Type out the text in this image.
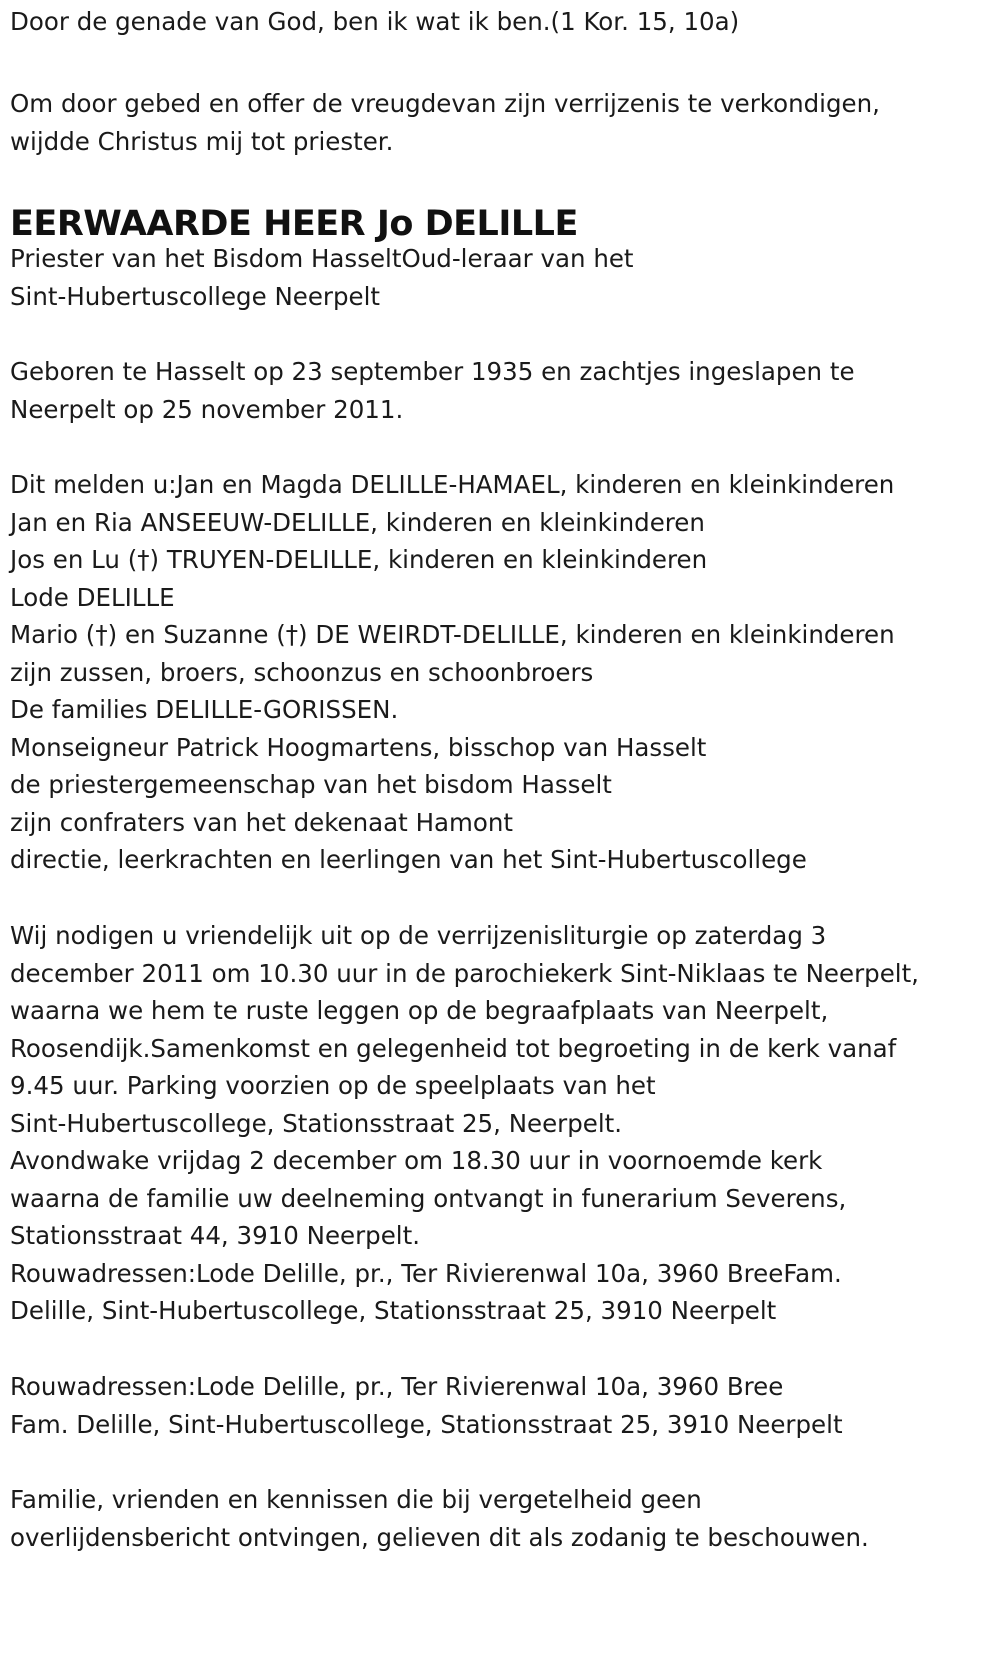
Door de genade van God, ben ik wat ik ben.(1 Kor. 15, 10a)
Om door gebed en offer de vreugdevan zijn verrijzenis te verkondigen,
wijdde Christus mij tot priester.
EERWAARDE HEER Jo DELILLE
Priester van het Bisdom HasseltOud-leraar van het
Sint-Hubertuscollege Neerpelt
Geboren te Hasselt op 23 september 1935 en zachtjes ingeslapen te
Neerpelt op 25 november 2011.
Dit melden u:Jan en Magda DELILLE-HAMAEL, kinderen en kleinkinderen
Jan en Ria ANSEEUW-DELILLE, kinderen en kleinkinderen
Jos en Lu (†) TRUYEN-DELILLE, kinderen en kleinkinderen
Lode DELILLE
Mario (†) en Suzanne (†) DE WEIRDT-DELILLE, kinderen en kleinkinderen
zijn zussen, broers, schoonzus en schoonbroers
De families DELILLE-GORISSEN.
Monseigneur Patrick Hoogmartens, bisschop van Hasselt
de priestergemeenschap van het bisdom Hasselt
zijn confraters van het dekenaat Hamont
directie, leerkrachten en leerlingen van het Sint-Hubertuscollege
Wij nodigen u vriendelijk uit op de verrijzenisliturgie op zaterdag 3
december 2011 om 10.30 uur in de parochiekerk Sint-Niklaas te Neerpelt,
waarna we hem te ruste leggen op de begraafplaats van Neerpelt,
Roosendijk.Samenkomst en gelegenheid tot begroeting in de kerk vanaf
9.45 uur. Parking voorzien op de speelplaats van het
Sint-Hubertuscollege, Stationsstraat 25, Neerpelt.
Avondwake vrijdag 2 december om 18.30 uur in voornoemde kerk
waarna de familie uw deelneming ontvangt in funerarium Severens,
Stationsstraat 44, 3910 Neerpelt.
Rouwadressen:Lode Delille, pr., Ter Rivierenwal 10a, 3960 BreeFam.
Delille, Sint-Hubertuscollege, Stationsstraat 25, 3910 Neerpelt
Rouwadressen:Lode Delille, pr., Ter Rivierenwal 10a, 3960 Bree
Fam. Delille, Sint-Hubertuscollege, Stationsstraat 25, 3910 Neerpelt
Familie, vrienden en kennissen die bij vergetelheid geen
overlijdensbericht ontvingen, gelieven dit als zodanig te beschouwen.
